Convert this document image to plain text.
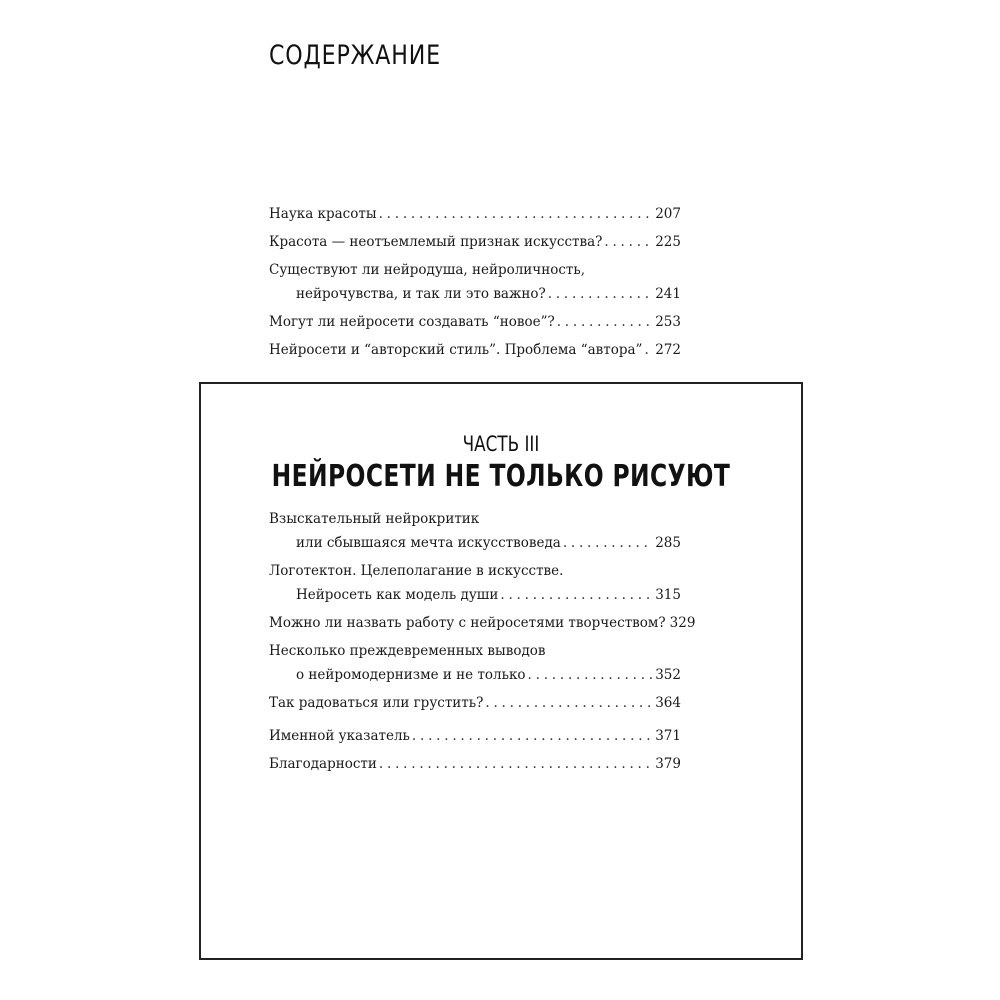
СОДЕРЖАНИЕ
Наука красоты . . .	207
Красота — неотъемлемый признак искусства? . . .	225
Существуют ли нейродуша, нейроличность,
нейрочувства, и так ли это важно? . . .	241
Могут ли нейросети создавать “новое”? . . .	253
Нейросети и “авторский стиль”. Проблема “автора” . . . 272
ЧАСТЬ III
НЕЙРОСЕТИ НЕ ТОЛЬКО РИСУЮТ
Взыскательный нейрокритик
или сбывшаяся мечта искусствоведа . . .	285
Логотектон. Целеполагание в искусстве.
Нейросеть как модель души . . .	315
Можно ли назвать работу с нейросетями творчеством? 329
Несколько преждевременных выводов
о нейромодернизме и не только . . .	352
Так радоваться или грустить? . . .	364
Именной указатель . . .	371
Благодарности . . .	379
